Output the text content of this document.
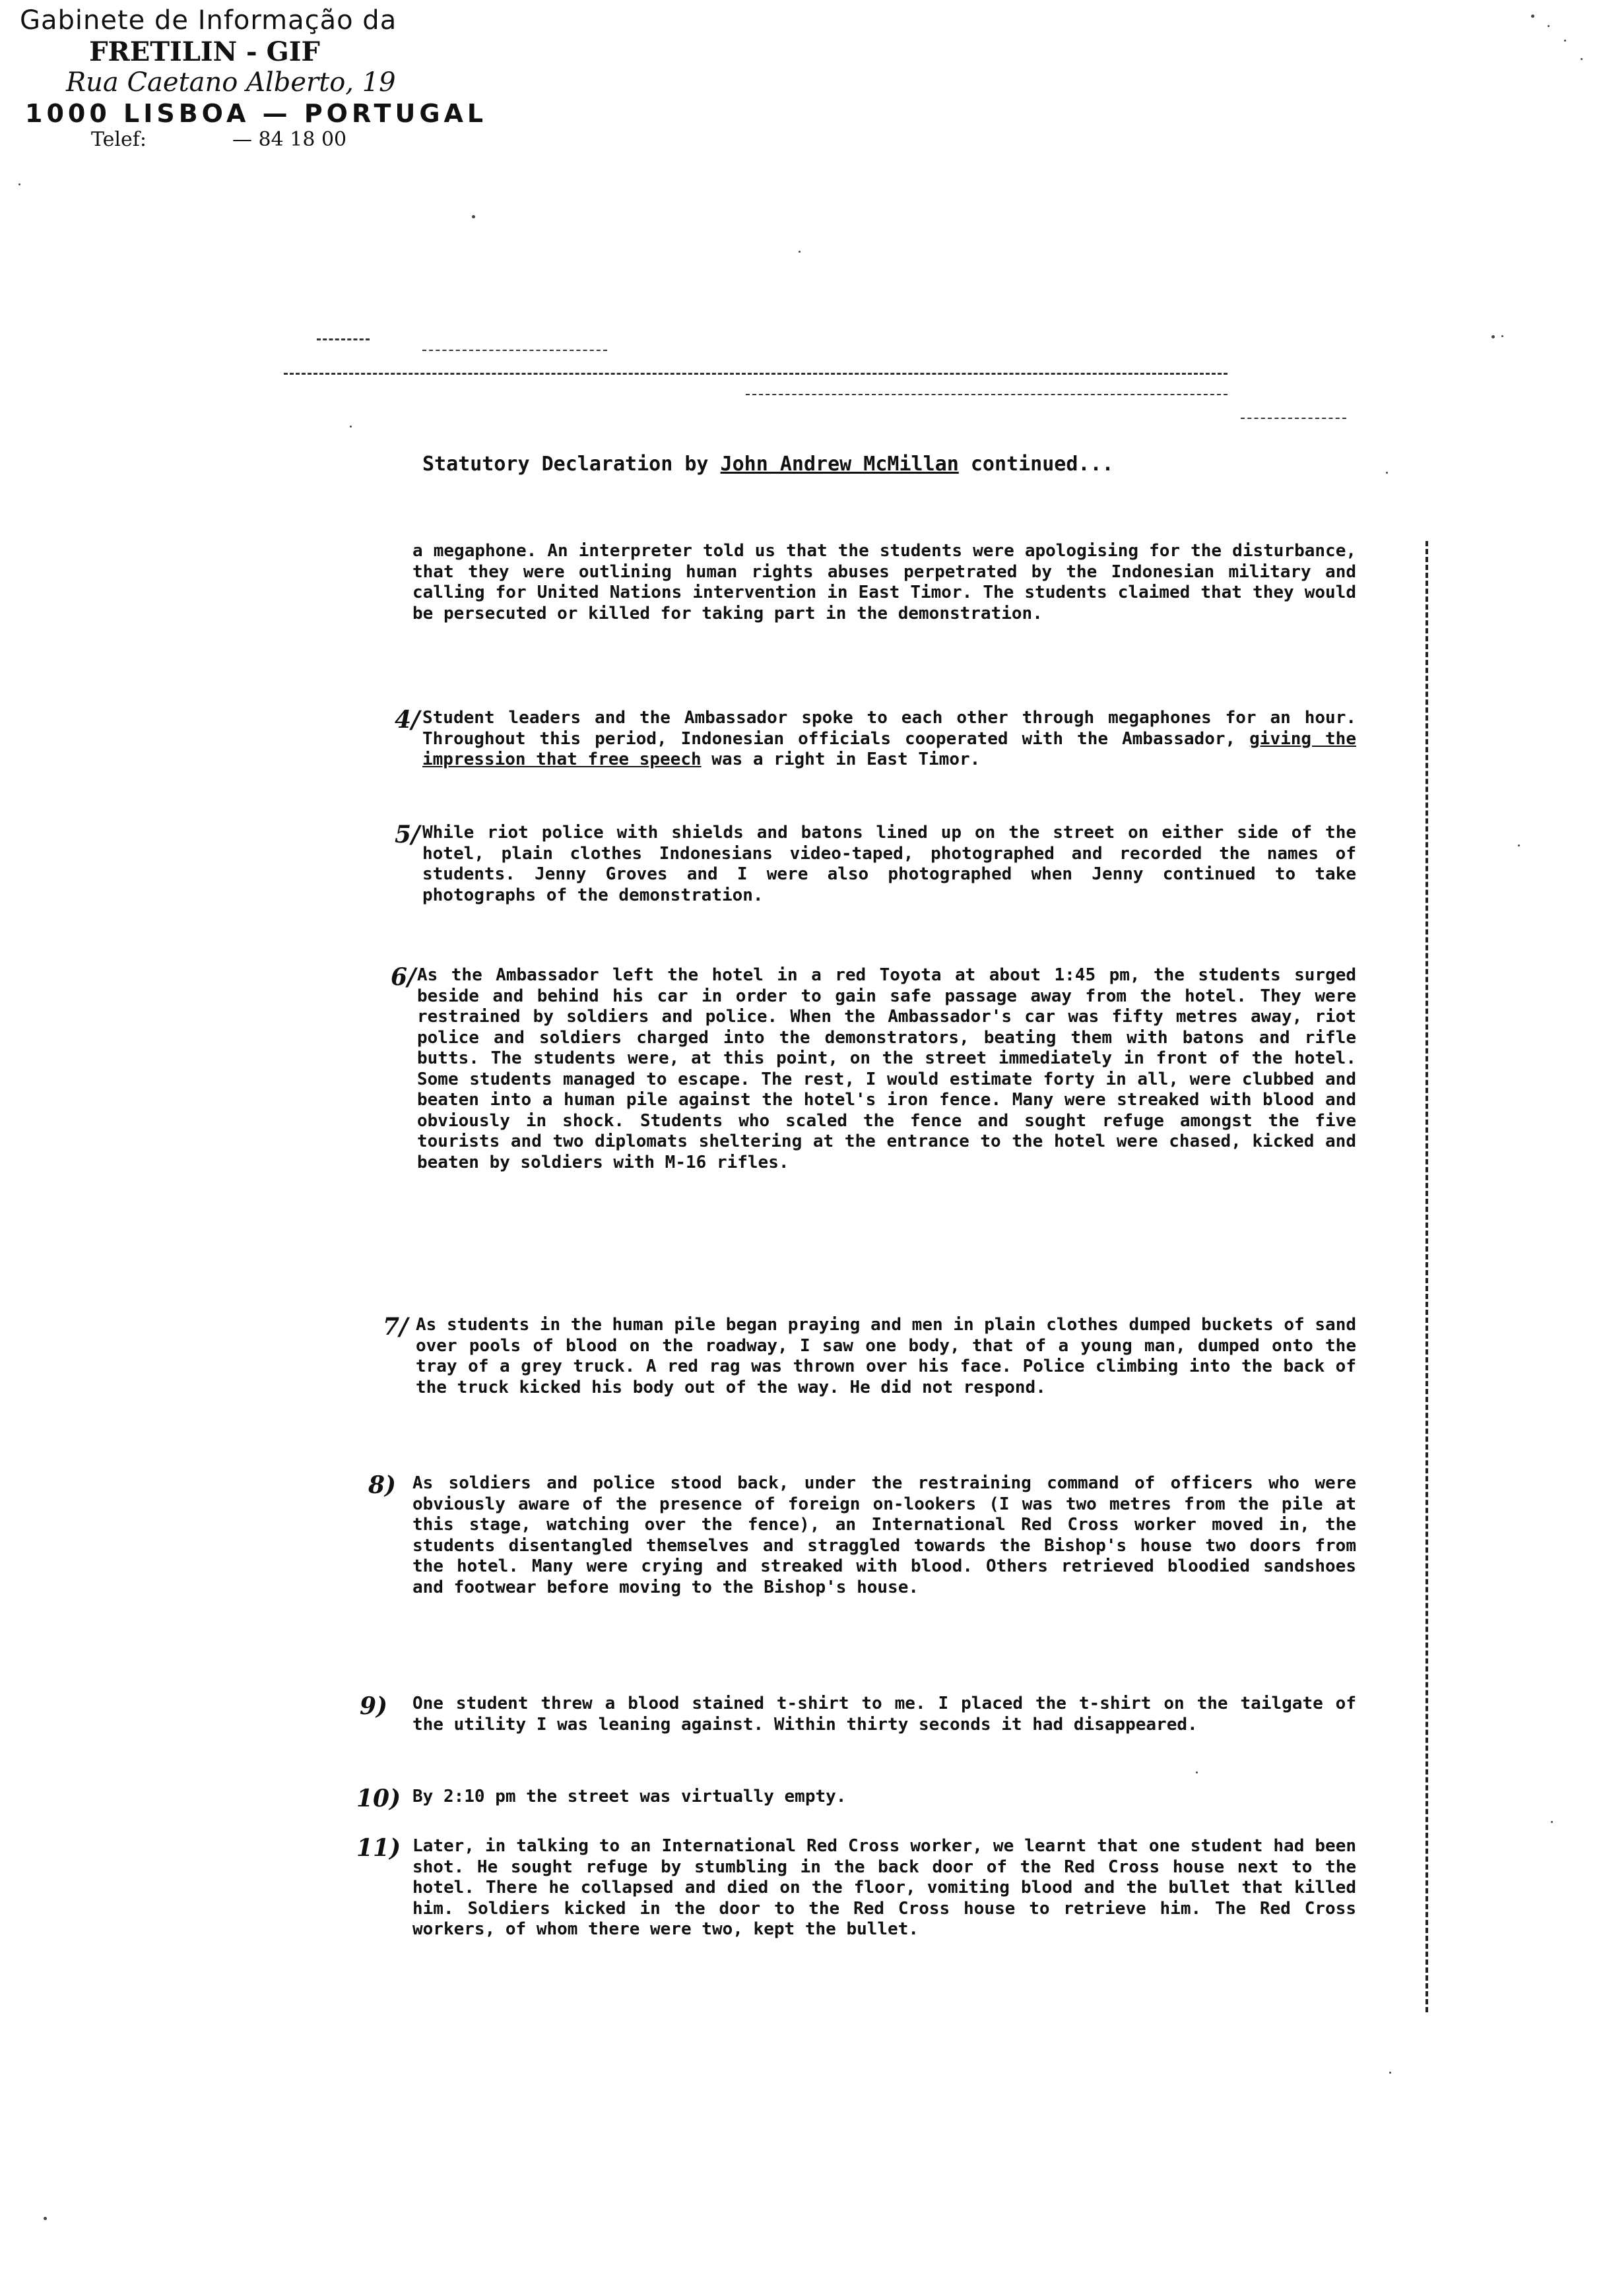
Gabinete de Informação da
FRETILIN - GIF
Rua Caetano Alberto, 19
1000 LISBOA — PORTUGAL
Telef:	— 84 18 00
Statutory Declaration by John Andrew McMillan continued...

a megaphone. An interpreter told us that the students were apologising for the disturbance, that they were outlining human rights abuses perpetrated by the Indonesian military and calling for United Nations intervention in East Timor. The students claimed that they would be persecuted or killed for taking part in the demonstration.

4/ Student leaders and the Ambassador spoke to each other through megaphones for an hour. Throughout this period, Indonesian officials cooperated with the Ambassador, giving the impression that free speech was a right in East Timor.

5/ While riot police with shields and batons lined up on the street on either side of the hotel, plain clothes Indonesians video-taped, photographed and recorded the names of students. Jenny Groves and I were also photographed when Jenny continued to take photographs of the demonstration.

6/ As the Ambassador left the hotel in a red Toyota at about 1:45 pm, the students surged beside and behind his car in order to gain safe passage away from the hotel. They were restrained by soldiers and police. When the Ambassador's car was fifty metres away, riot police and soldiers charged into the demonstrators, beating them with batons and rifle butts. The students were, at this point, on the street immediately in front of the hotel. Some students managed to escape. The rest, I would estimate forty in all, were clubbed and beaten into a human pile against the hotel's iron fence. Many were streaked with blood and obviously in shock. Students who scaled the fence and sought refuge amongst the five tourists and two diplomats sheltering at the entrance to the hotel were chased, kicked and beaten by soldiers with M-16 rifles.

7/ As students in the human pile began praying and men in plain clothes dumped buckets of sand over pools of blood on the roadway, I saw one body, that of a young man, dumped onto the tray of a grey truck. A red rag was thrown over his face. Police climbing into the back of the truck kicked his body out of the way. He did not respond.

8) As soldiers and police stood back, under the restraining command of officers who were obviously aware of the presence of foreign on-lookers (I was two metres from the pile at this stage, watching over the fence), an International Red Cross worker moved in, the students disentangled themselves and straggled towards the Bishop's house two doors from the hotel. Many were crying and streaked with blood. Others retrieved bloodied sandshoes and footwear before moving to the Bishop's house.

9) One student threw a blood stained t-shirt to me. I placed the t-shirt on the tailgate of the utility I was leaning against. Within thirty seconds it had disappeared.

10) By 2:10 pm the street was virtually empty.

11) Later, in talking to an International Red Cross worker, we learnt that one student had been shot. He sought refuge by stumbling in the back door of the Red Cross house next to the hotel. There he collapsed and died on the floor, vomiting blood and the bullet that killed him. Soldiers kicked in the door to the Red Cross house to retrieve him. The Red Cross workers, of whom there were two, kept the bullet.
